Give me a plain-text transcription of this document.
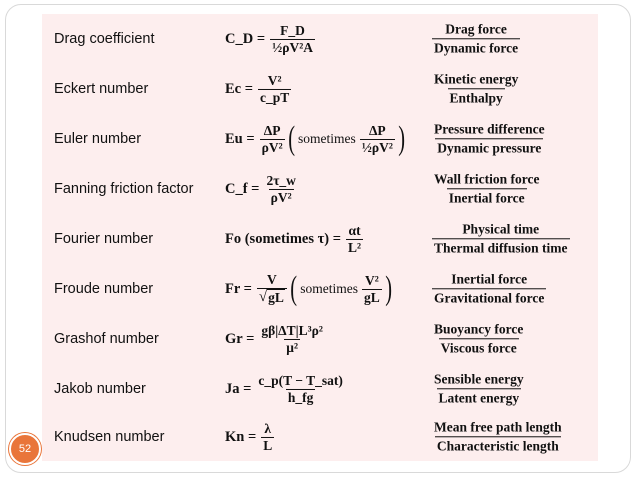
Drag coefficient	C_D = $\frac{F\_D}{\text{½ρV²A}}$	Drag force
Dynamic force
Eckert number	$Ec = \frac{\text{V²}}{c\_pT}$	Kinetic energy
Enthalpy
Euler number	$Eu = \frac{\Delta P}{\text{ρV²}}$ ( sometimes $\frac{\Delta P}{\text{½ρV²}}$ ) Pressure difference
Dynamic pressure
Fanning friction factor C_f = $\frac{2\tau\_w}{\text{ρV²}}$	Wall friction force
Inertial force
Fourier number	Fo (sometimes $\tau) = \frac{\alpha t}{\text{L²}}$	Physical time
Thermal diffusion time
Froude number	$Fr = \frac{V}{√ gL}$ ( sometimes $\frac{\text{V²}}{gL}$ )	Inertial force
Gravitational force
Grashof number	$Gr = \frac{\text{gβ|ΔT|L³ρ²}}{\text{μ²}}$	Buoyancy force
Viscous force
Jakob number	$Ja = \frac{\text{c\_p(T − T\_sat)}}{h\_fg}$	Sensible energy
Latent energy
Knudsen number	$Kn = \frac{\lambda}{L}$	Mean free path length
Characteristic length
52
